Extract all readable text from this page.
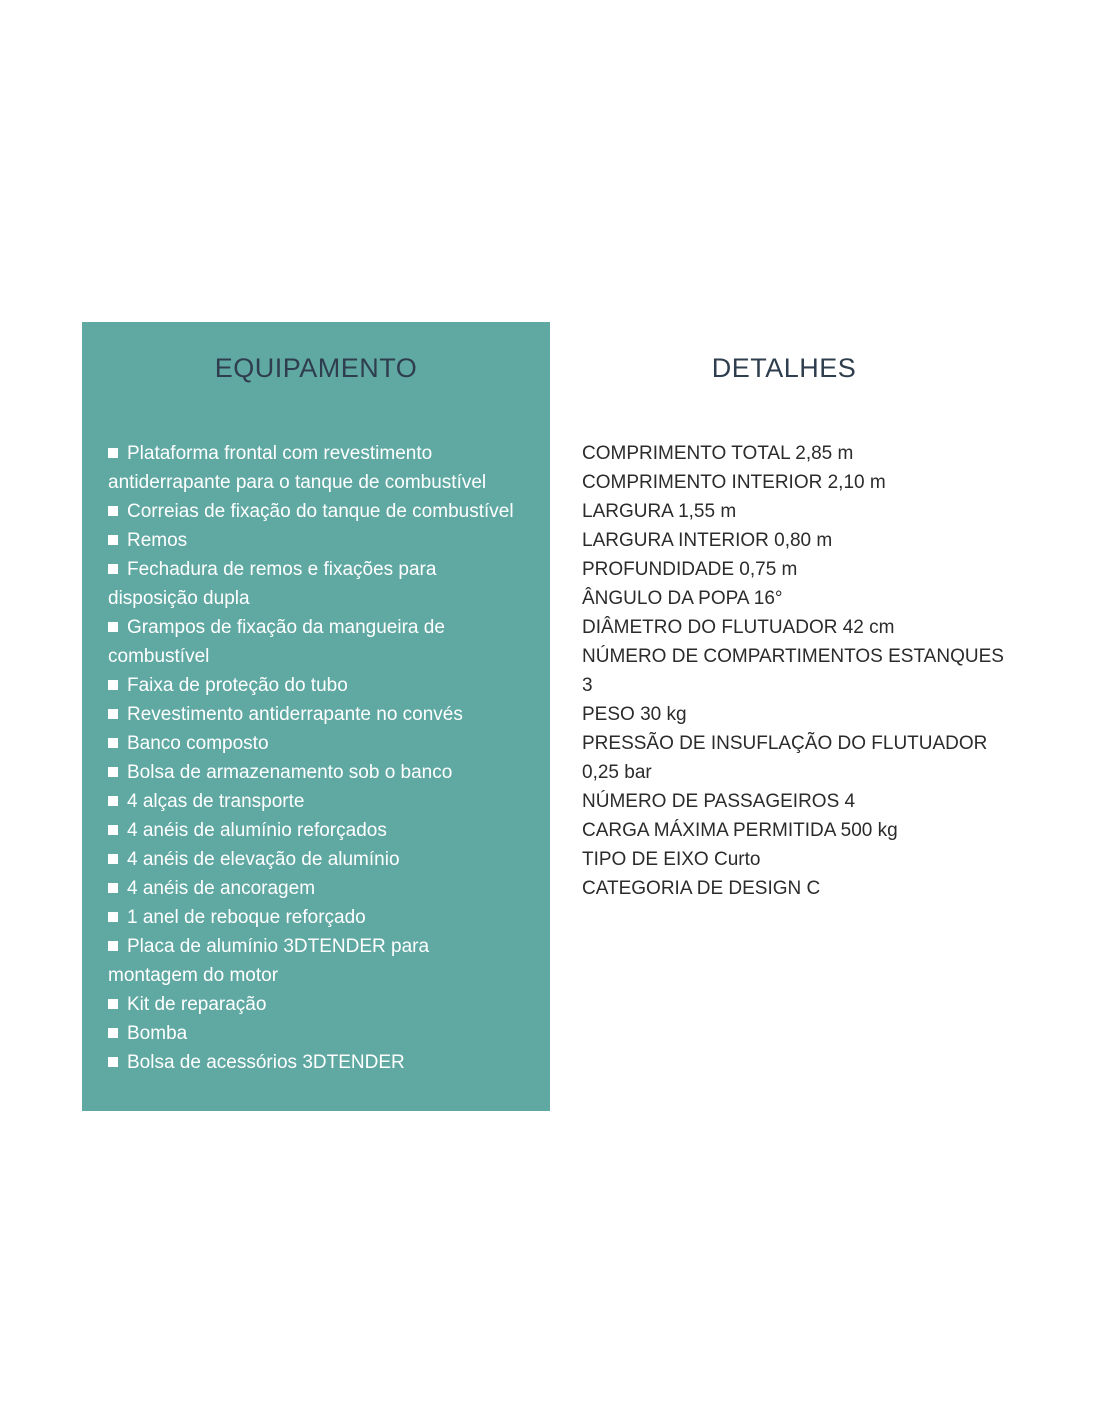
EQUIPAMENTO
Plataforma frontal com revestimento antiderrapante para o tanque de combustível
Correias de fixação do tanque de combustível
Remos
Fechadura de remos e fixações para disposição dupla
Grampos de fixação da mangueira de combustível
Faixa de proteção do tubo
Revestimento antiderrapante no convés
Banco composto
Bolsa de armazenamento sob o banco
4 alças de transporte
4 anéis de alumínio reforçados
4 anéis de elevação de alumínio
4 anéis de ancoragem
1 anel de reboque reforçado
Placa de alumínio 3DTENDER para montagem do motor
Kit de reparação
Bomba
Bolsa de acessórios 3DTENDER
DETALHES
COMPRIMENTO TOTAL 2,85 m
COMPRIMENTO INTERIOR 2,10 m
LARGURA 1,55 m
LARGURA INTERIOR 0,80 m
PROFUNDIDADE 0,75 m
ÂNGULO DA POPA 16°
DIÂMETRO DO FLUTUADOR 42 cm
NÚMERO DE COMPARTIMENTOS ESTANQUES 3
PESO 30 kg
PRESSÃO DE INSUFLAÇÃO DO FLUTUADOR 0,25 bar
NÚMERO DE PASSAGEIROS 4
CARGA MÁXIMA PERMITIDA 500 kg
TIPO DE EIXO Curto
CATEGORIA DE DESIGN C
